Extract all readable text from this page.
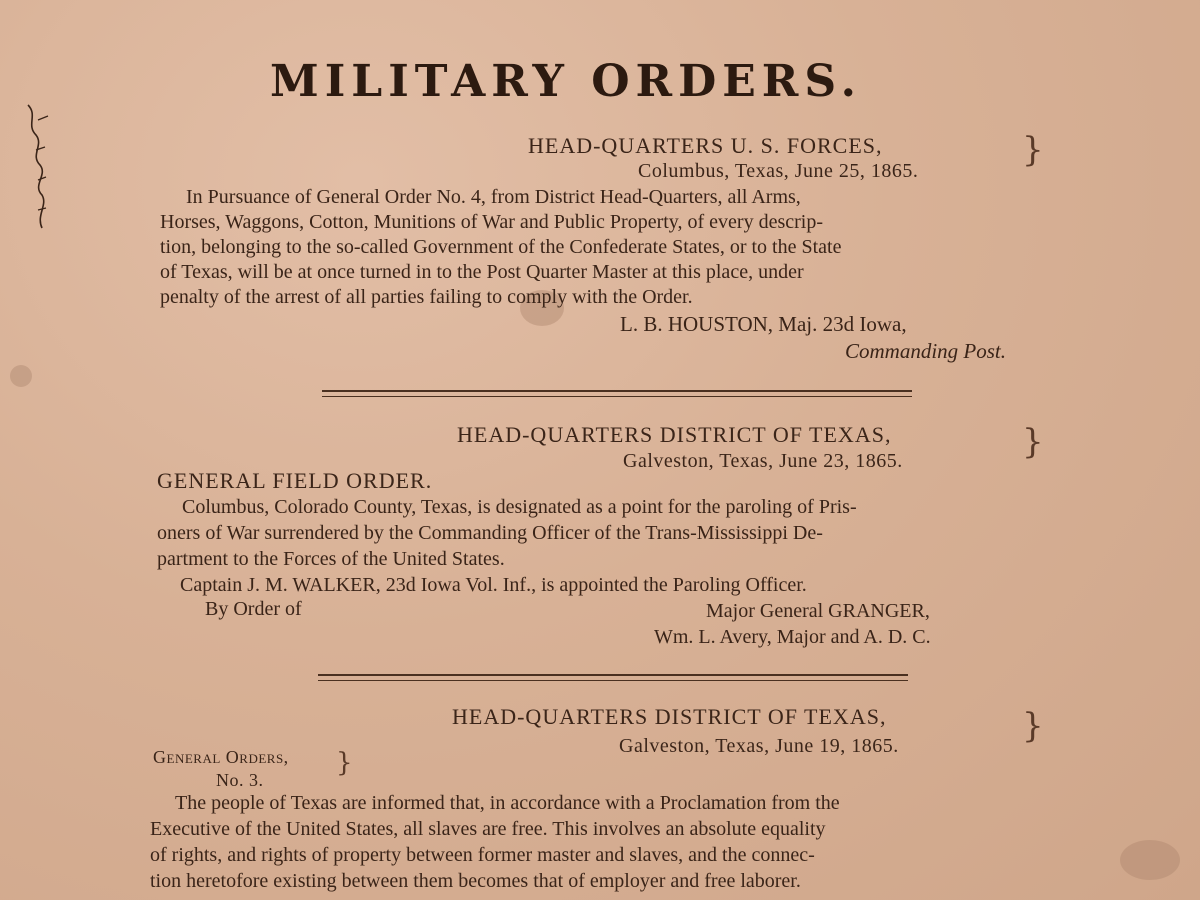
MILITARY ORDERS.
HEAD-QUARTERS U. S. FORCES,	}
Columbus, Texas, June 25, 1865.
In Pursuance of General Order No. 4, from District Head-Quarters, all Arms,
Horses, Waggons, Cotton, Munitions of War and Public Property, of every descrip-
tion, belonging to the so-called Government of the Confederate States, or to the State
of Texas, will be at once turned in to the Post Quarter Master at this place, under
penalty of the arrest of all parties failing to comply with the Order.
L. B. HOUSTON, Maj. 23d Iowa,
Commanding Post.
HEAD-QUARTERS DISTRICT OF TEXAS,	}
Galveston, Texas, June 23, 1865.
GENERAL FIELD ORDER.
Columbus, Colorado County, Texas, is designated as a point for the paroling of Pris-
oners of War surrendered by the Commanding Officer of the Trans-Mississippi De-
partment to the Forces of the United States.
Captain J. M. WALKER, 23d Iowa Vol. Inf., is appointed the Paroling Officer.
By Order of	Major General GRANGER,
Wm. L. Avery, Major and A. D. C.
HEAD-QUARTERS DISTRICT OF TEXAS,	}
Galveston, Texas, June 19, 1865.
General Orders, }
No. 3.
The people of Texas are informed that, in accordance with a Proclamation from the
Executive of the United States, all slaves are free. This involves an absolute equality
of rights, and rights of property between former master and slaves, and the connec-
tion heretofore existing between them becomes that of employer and free laborer.
